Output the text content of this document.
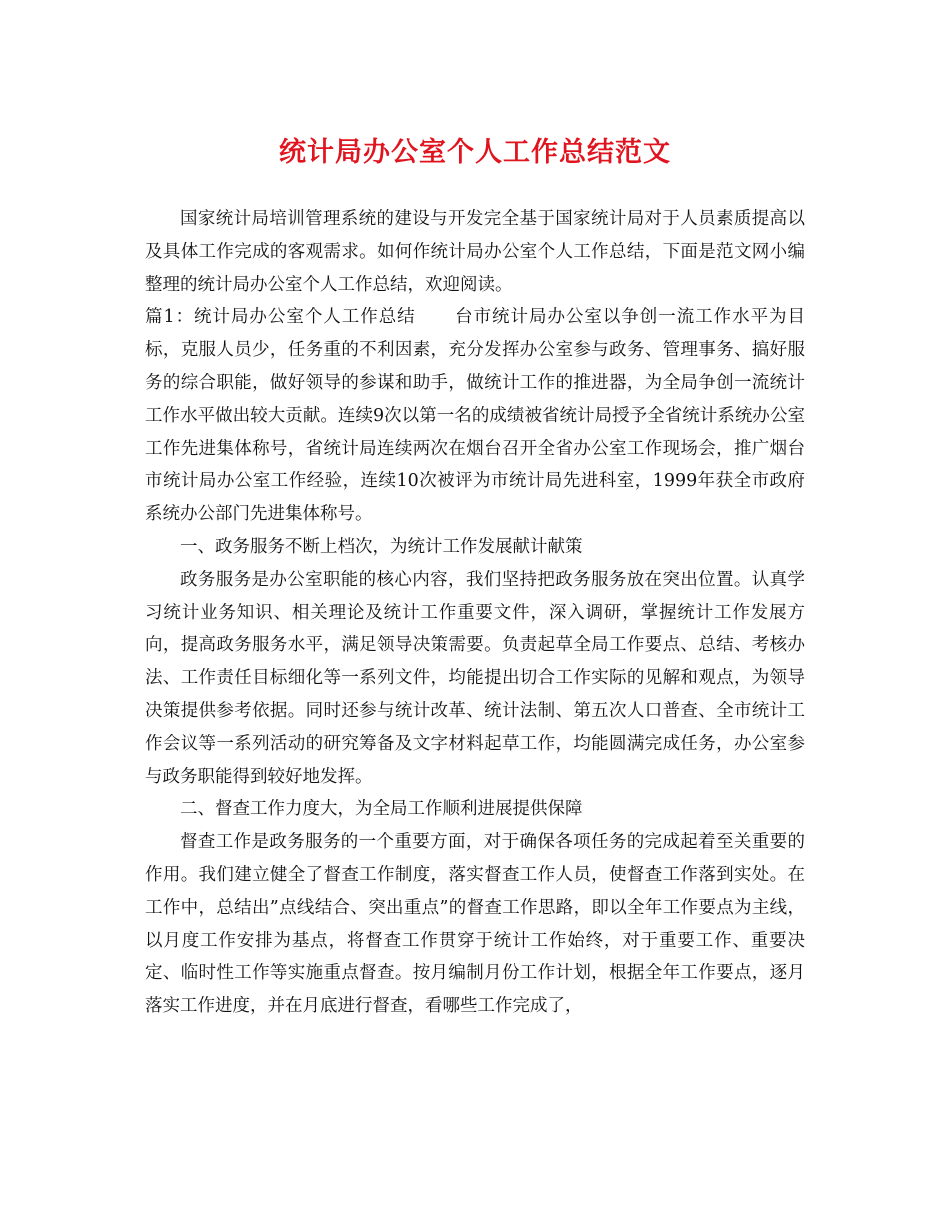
统计局办公室个人工作总结范文

国家统计局培训管理系统的建设与开发完全基于国家统计局对于人员素质提高以及具体工作完成的客观需求。如何作统计局办公室个人工作总结，下面是范文网小编整理的统计局办公室个人工作总结，欢迎阅读。

篇1：统计局办公室个人工作总结 台市统计局办公室以争创一流工作水平为目标，克服人员少，任务重的不利因素，充分发挥办公室参与政务、管理事务、搞好服务的综合职能，做好领导的参谋和助手，做统计工作的推进器，为全局争创一流统计工作水平做出较大贡献。连续9次以第一名的成绩被省统计局授予全省统计系统办公室工作先进集体称号，省统计局连续两次在烟台召开全省办公室工作现场会，推广烟台市统计局办公室工作经验，连续10次被评为市统计局先进科室，1999年获全市政府系统办公部门先进集体称号。

一、政务服务不断上档次，为统计工作发展献计献策

政务服务是办公室职能的核心内容，我们坚持把政务服务放在突出位置。认真学习统计业务知识、相关理论及统计工作重要文件，深入调研，掌握统计工作发展方向，提高政务服务水平，满足领导决策需要。负责起草全局工作要点、总结、考核办法、工作责任目标细化等一系列文件，均能提出切合工作实际的见解和观点，为领导决策提供参考依据。同时还参与统计改革、统计法制、第五次人口普查、全市统计工作会议等一系列活动的研究筹备及文字材料起草工作，均能圆满完成任务，办公室参与政务职能得到较好地发挥。

二、督查工作力度大，为全局工作顺利进展提供保障

督查工作是政务服务的一个重要方面，对于确保各项任务的完成起着至关重要的作用。我们建立健全了督查工作制度，落实督查工作人员，使督查工作落到实处。在工作中，总结出”点线结合、突出重点”的督查工作思路，即以全年工作要点为主线，以月度工作安排为基点，将督查工作贯穿于统计工作始终，对于重要工作、重要决定、临时性工作等实施重点督查。按月编制月份工作计划，根据全年工作要点，逐月落实工作进度，并在月底进行督查，看哪些工作完成了，
